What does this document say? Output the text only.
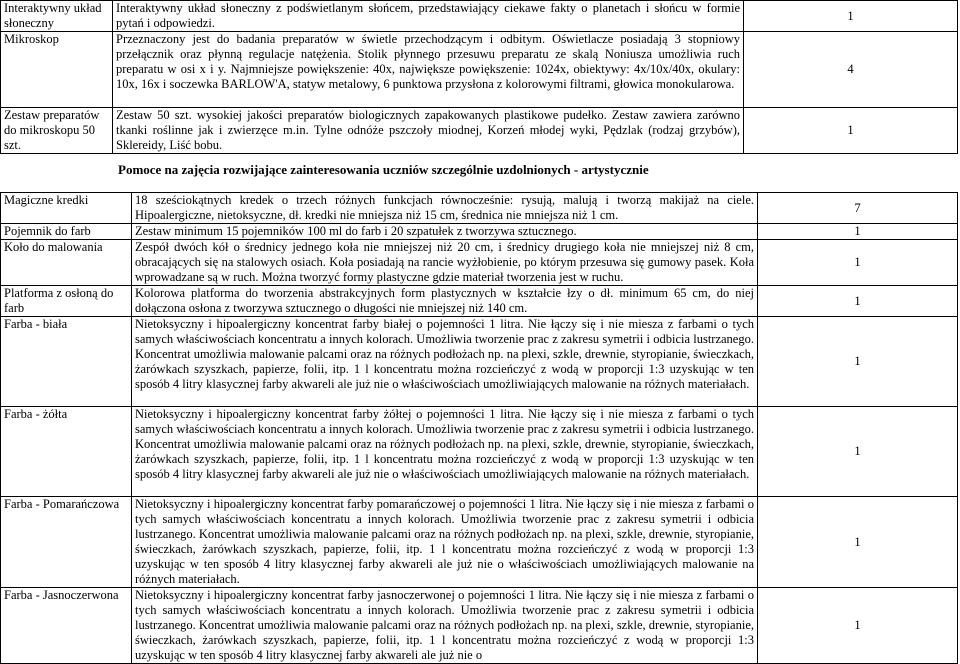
Interaktywny układ słoneczny	Interaktywny układ słoneczny z podświetlanym słońcem, przedstawiający ciekawe fakty o planetach i słońcu w formie pytań i odpowiedzi.	1
Mikroskop	Przeznaczony jest do badania preparatów w świetle przechodzącym i odbitym. Oświetlacze posiadają 3 stopniowy przełącznik oraz płynną regulacje natężenia. Stolik płynnego przesuwu preparatu ze skalą Noniusza umożliwia ruch preparatu w osi x i y. Najmniejsze powiększenie: 40x, największe powiększenie: 1024x, obiektywy: 4x/10x/40x, okulary: 10x, 16x i soczewka BARLOW'A, statyw metalowy, 6 punktowa przysłona z kolorowymi filtrami, głowica monokularowa.	4
Zestaw preparatów do mikroskopu 50 szt.	Zestaw 50 szt. wysokiej jakości preparatów biologicznych zapakowanych plastikowe pudełko. Zestaw zawiera zarówno tkanki roślinne jak i zwierzęce m.in. Tylne odnóże pszczoły miodnej, Korzeń młodej wyki, Pędzlak (rodzaj grzybów), Sklereidy, Liść bobu.	1
Pomoce na zajęcia rozwijające zainteresowania uczniów szczególnie uzdolnionych - artystycznie
Magiczne kredki	18 sześciokątnych kredek o trzech różnych funkcjach równocześnie: rysują, malują i tworzą makijaż na ciele. Hipoalergiczne, nietoksyczne, dł. kredki nie mniejsza niż 15 cm, średnica nie mniejsza niż 1 cm.	7
Pojemnik do farb	Zestaw minimum 15 pojemników 100 ml do farb i 20 szpatułek z tworzywa sztucznego.	1
Koło do malowania	Zespół dwóch kół o średnicy jednego koła nie mniejszej niż 20 cm, i średnicy drugiego koła nie mniejszej niż 8 cm, obracających się na stalowych osiach. Koła posiadają na rancie wyżłobienie, po którym przesuwa się gumowy pasek. Koła wprowadzane są w ruch. Można tworzyć formy plastyczne gdzie materiał tworzenia jest w ruchu.	1
Platforma z osłoną do farb	Kolorowa platforma do tworzenia abstrakcyjnych form plastycznych w kształcie łzy o dł. minimum 65 cm, do niej dołączona osłona z tworzywa sztucznego o długości nie mniejszej niż 140 cm.	1
Farba - biała	Nietoksyczny i hipoalergiczny koncentrat farby białej o pojemności 1 litra. Nie łączy się i nie miesza z farbami o tych samych właściwościach koncentratu a innych kolorach. Umożliwia tworzenie prac z zakresu symetrii i odbicia lustrzanego. Koncentrat umożliwia malowanie palcami oraz na różnych podłożach np. na plexi, szkle, drewnie, styropianie, świeczkach, żarówkach szyszkach, papierze, folii, itp. 1 l koncentratu można rozcieńczyć z wodą w proporcji 1:3 uzyskując w ten sposób 4 litry klasycznej farby akwareli ale już nie o właściwościach umożliwiających malowanie na różnych materiałach.	1
Farba - żółta	Nietoksyczny i hipoalergiczny koncentrat farby żółtej o pojemności 1 litra. Nie łączy się i nie miesza z farbami o tych samych właściwościach koncentratu a innych kolorach. Umożliwia tworzenie prac z zakresu symetrii i odbicia lustrzanego. Koncentrat umożliwia malowanie palcami oraz na różnych podłożach np. na plexi, szkle, drewnie, styropianie, świeczkach, żarówkach szyszkach, papierze, folii, itp. 1 l koncentratu można rozcieńczyć z wodą w proporcji 1:3 uzyskując w ten sposób 4 litry klasycznej farby akwareli ale już nie o właściwościach umożliwiających malowanie na różnych materiałach.	1
Farba - Pomarańczowa	Nietoksyczny i hipoalergiczny koncentrat farby pomarańczowej o pojemności 1 litra. Nie łączy się i nie miesza z farbami o tych samych właściwościach koncentratu a innych kolorach. Umożliwia tworzenie prac z zakresu symetrii i odbicia lustrzanego. Koncentrat umożliwia malowanie palcami oraz na różnych podłożach np. na plexi, szkle, drewnie, styropianie, świeczkach, żarówkach szyszkach, papierze, folii, itp. 1 l koncentratu można rozcieńczyć z wodą w proporcji 1:3 uzyskując w ten sposób 4 litry klasycznej farby akwareli ale już nie o właściwościach umożliwiających malowanie na różnych materiałach.	1
Farba - Jasnoczerwona	Nietoksyczny i hipoalergiczny koncentrat farby jasnoczerwonej o pojemności 1 litra. Nie łączy się i nie miesza z farbami o tych samych właściwościach koncentratu a innych kolorach. Umożliwia tworzenie prac z zakresu symetrii i odbicia lustrzanego. Koncentrat umożliwia malowanie palcami oraz na różnych podłożach np. na plexi, szkle, drewnie, styropianie, świeczkach, żarówkach szyszkach, papierze, folii, itp. 1 l koncentratu można rozcieńczyć z wodą w proporcji 1:3 uzyskując w ten sposób 4 litry klasycznej farby akwareli ale już nie o	1
